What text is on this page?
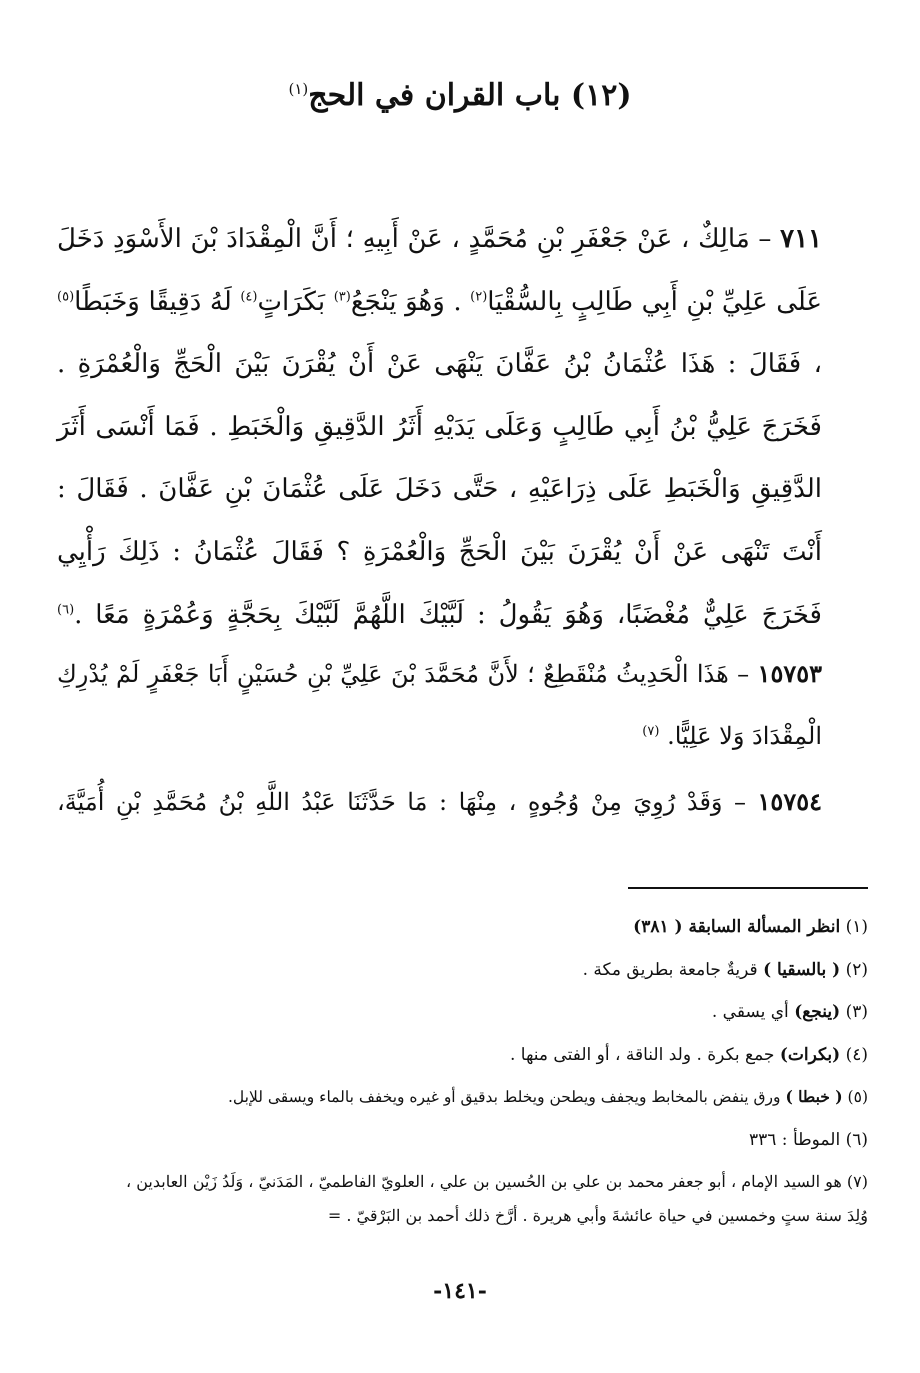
(١٢) باب القران في الحج$^{(١)}$

٧١١ – مَالِكٌ ، عَنْ جَعْفَرِ بْنِ مُحَمَّدٍ ، عَنْ أَبِيهِ ؛ أَنَّ الْمِقْدَادَ بْنَ الأَسْوَدِ دَخَلَ عَلَى عَلِيِّ بْنِ أَبِي طَالِبٍ بِالسُّقْيَا$^{(٢)}$ . وَهُوَ يَنْجَعُ$^{(٣)}$ بَكَرَاتٍ$^{(٤)}$ لَهُ دَقِيقًا وَخَبَطًا$^{(٥)}$ ، فَقَالَ : هَذَا عُثْمَانُ بْنُ عَفَّانَ يَنْهَى عَنْ أَنْ يُقْرَنَ بَيْنَ الْحَجِّ وَالْعُمْرَةِ . فَخَرَجَ عَلِيُّ بْنُ أَبِي طَالِبٍ وَعَلَى يَدَيْهِ أَثَرُ الدَّقِيقِ وَالْخَبَطِ . فَمَا أَنْسَى أَثَرَ الدَّقِيقِ وَالْخَبَطِ عَلَى ذِرَاعَيْهِ ، حَتَّى دَخَلَ عَلَى عُثْمَانَ بْنِ عَفَّانَ . فَقَالَ : أَنْتَ تَنْهَى عَنْ أَنْ يُقْرَنَ بَيْنَ الْحَجِّ وَالْعُمْرَةِ ؟ فَقَالَ عُثْمَانُ : ذَلِكَ رَأْيِي فَخَرَجَ عَلِيٌّ مُغْضَبًا، وَهُوَ يَقُولُ : لَبَّيْكَ اللَّهُمَّ لَبَّيْكَ بِحَجَّةٍ وَعُمْرَةٍ مَعًا .$^{(٦)}$

١٥٧٥٣ – هَذَا الْحَدِيثُ مُنْقَطِعٌ ؛ لأَنَّ مُحَمَّدَ بْنَ عَلِيِّ بْنِ حُسَيْنٍ أَبَا جَعْفَرٍ لَمْ يُدْرِكِ الْمِقْدَادَ وَلا عَلِيًّا. $^{(٧)}$

١٥٧٥٤ – وَقَدْ رُوِيَ مِنْ وُجُوهٍ ، مِنْهَا : مَا حَدَّثَنَا عَبْدُ اللَّهِ بْنُ مُحَمَّدِ بْنِ أُمَيَّةَ،

(١) انظر المسألة السابقة ( ٣٨١)
(٢) ( بالسقيا ) قريةٌ جامعة بطريق مكة .
(٣) (ينجع) أي يسقي .
(٤) (بكرات) جمع بكرة . ولد الناقة ، أو الفتى منها .
(٥) ( خبطا ) ورق ينفض بالمخابط ويجفف ويطحن ويخلط بدقيق أو غيره ويخفف بالماء ويسقى للإبل.
(٦) الموطأ : ٣٣٦
(٧) هو السيد الإمام ، أبو جعفر محمد بن علي بن الحُسين بن علي ، العلويّ الفاطميّ ، المَدَنيّ ، وَلَدُ زَيْن العابدين ، وُلِدَ سنة ستٍ وخمسين في حياة عائشةَ وأبي هريرة . أرَّخ ذلك أحمد بن البَرْقيّ . =
-١٤١-
